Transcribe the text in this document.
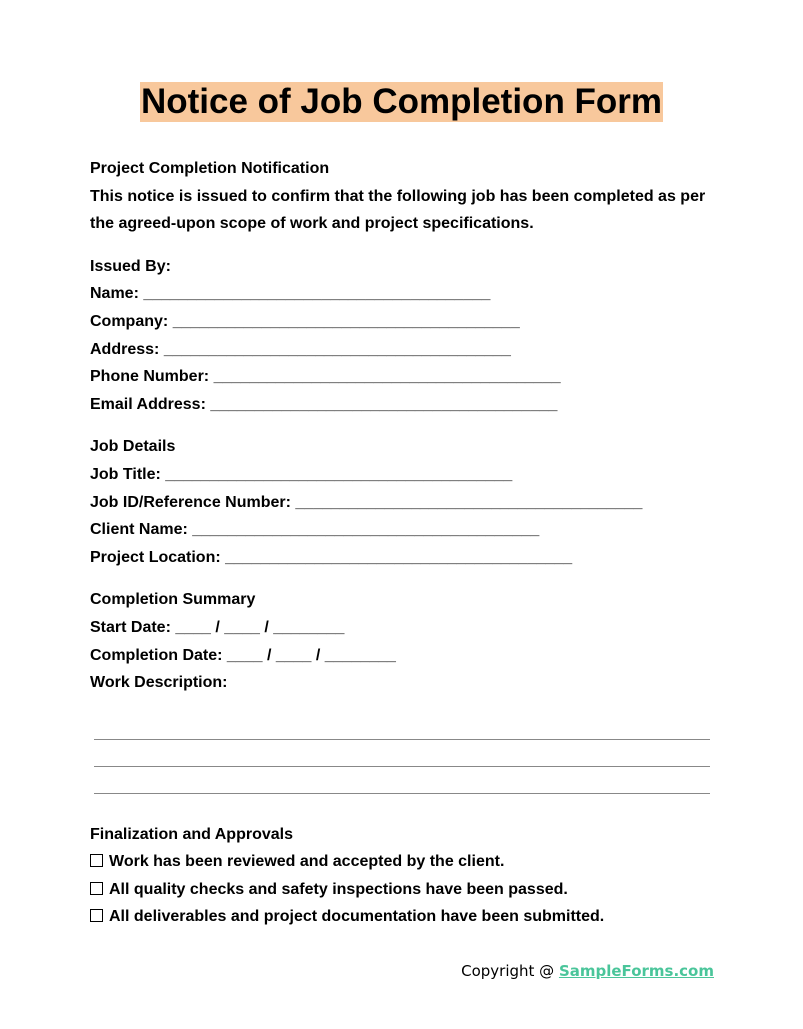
Notice of Job Completion Form
Project Completion Notification
This notice is issued to confirm that the following job has been completed as per the agreed-upon scope of work and project specifications.
Issued By:
Name: _______________________________________
Company: _______________________________________
Address: _______________________________________
Phone Number: _______________________________________
Email Address: _______________________________________
Job Details
Job Title: _______________________________________
Job ID/Reference Number: _______________________________________
Client Name: _______________________________________
Project Location: _______________________________________
Completion Summary
Start Date: ____ / ____ / ________
Completion Date: ____ / ____ / ________
Work Description:
Finalization and Approvals
Work has been reviewed and accepted by the client.
All quality checks and safety inspections have been passed.
All deliverables and project documentation have been submitted.
Copyright @ SampleForms.com
